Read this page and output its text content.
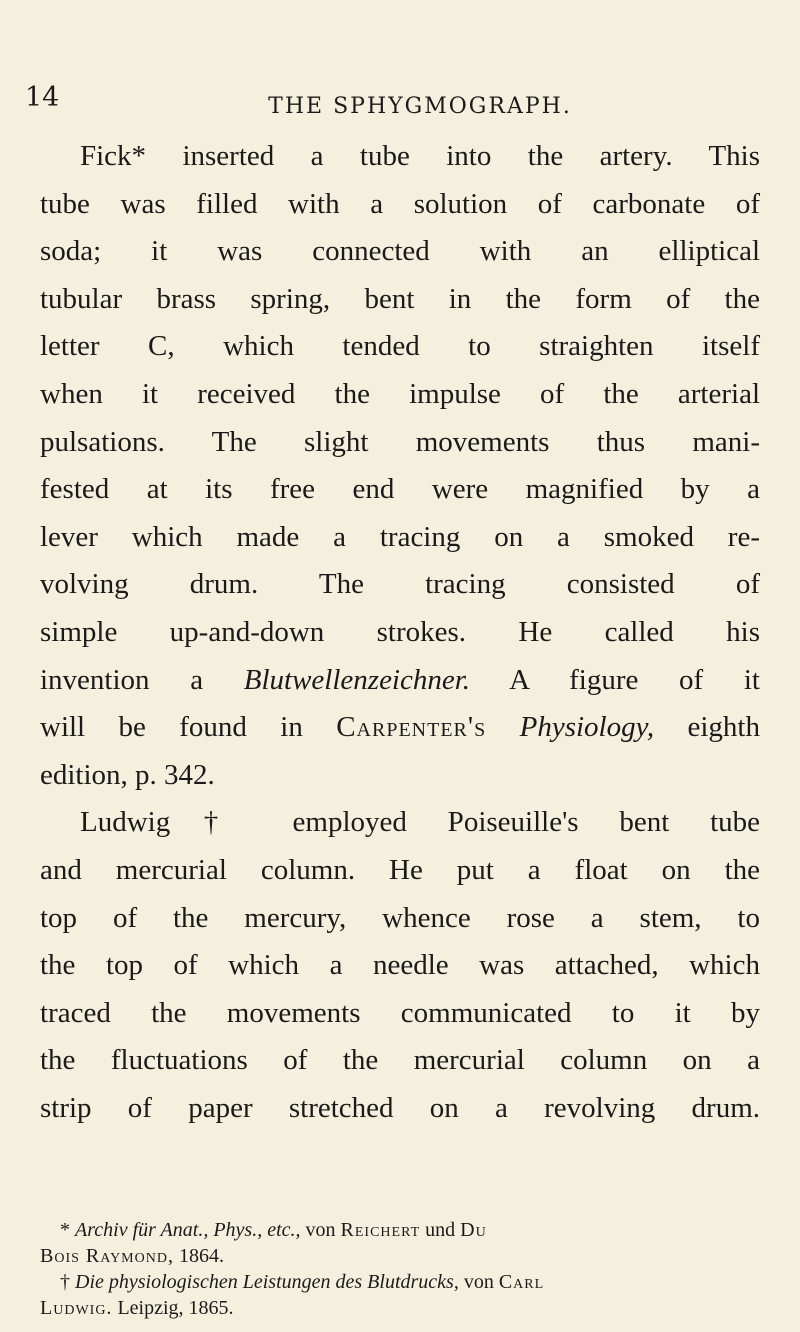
14	THE SPHYGMOGRAPH.
Fick* inserted a tube into the artery. This
tube was filled with a solution of carbonate of
soda; it was connected with an elliptical
tubular brass spring, bent in the form of the
letter C, which tended to straighten itself
when it received the impulse of the arterial
pulsations. The slight movements thus mani-
fested at its free end were magnified by a
lever which made a tracing on a smoked re-
volving drum. The tracing consisted of
simple up-and-down strokes. He called his
invention a Blutwellenzeichner. A figure of it
will be found in Carpenter's Physiology, eighth
edition, p. 342.
Ludwig† employed Poiseuille's bent tube
and mercurial column. He put a float on the
top of the mercury, whence rose a stem, to
the top of which a needle was attached, which
traced the movements communicated to it by
the fluctuations of the mercurial column on a
strip of paper stretched on a revolving drum.
* Archiv für Anat., Phys., etc., von Reichert und Du
Bois Raymond, 1864.
† Die physiologischen Leistungen des Blutdrucks, von Carl
Ludwig. Leipzig, 1865.
